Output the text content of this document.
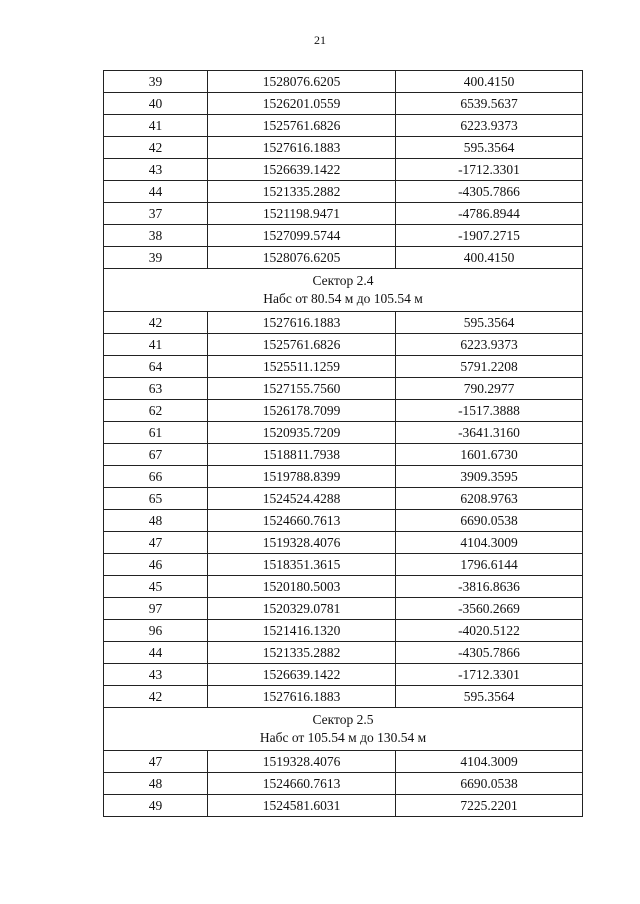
21
39	1528076.6205	400.4150
40	1526201.0559	6539.5637
41	1525761.6826	6223.9373
42	1527616.1883	595.3564
43	1526639.1422	-1712.3301
44	1521335.2882	-4305.7866
37	1521198.9471	-4786.8944
38	1527099.5744	-1907.2715
39	1528076.6205	400.4150

Сектор 2.4
Набс от 80.54 м до 105.54 м		

42	1527616.1883	595.3564
41	1525761.6826	6223.9373
64	1525511.1259	5791.2208
63	1527155.7560	790.2977
62	1526178.7099	-1517.3888
61	1520935.7209	-3641.3160
67	1518811.7938	1601.6730
66	1519788.8399	3909.3595
65	1524524.4288	6208.9763
48	1524660.7613	6690.0538
47	1519328.4076	4104.3009
46	1518351.3615	1796.6144
45	1520180.5003	-3816.8636
97	1520329.0781	-3560.2669
96	1521416.1320	-4020.5122
44	1521335.2882	-4305.7866
43	1526639.1422	-1712.3301
42	1527616.1883	595.3564

Сектор 2.5
Набс от 105.54 м до 130.54 м		

47	1519328.4076	4104.3009
48	1524660.7613	6690.0538
49	1524581.6031	7225.2201
